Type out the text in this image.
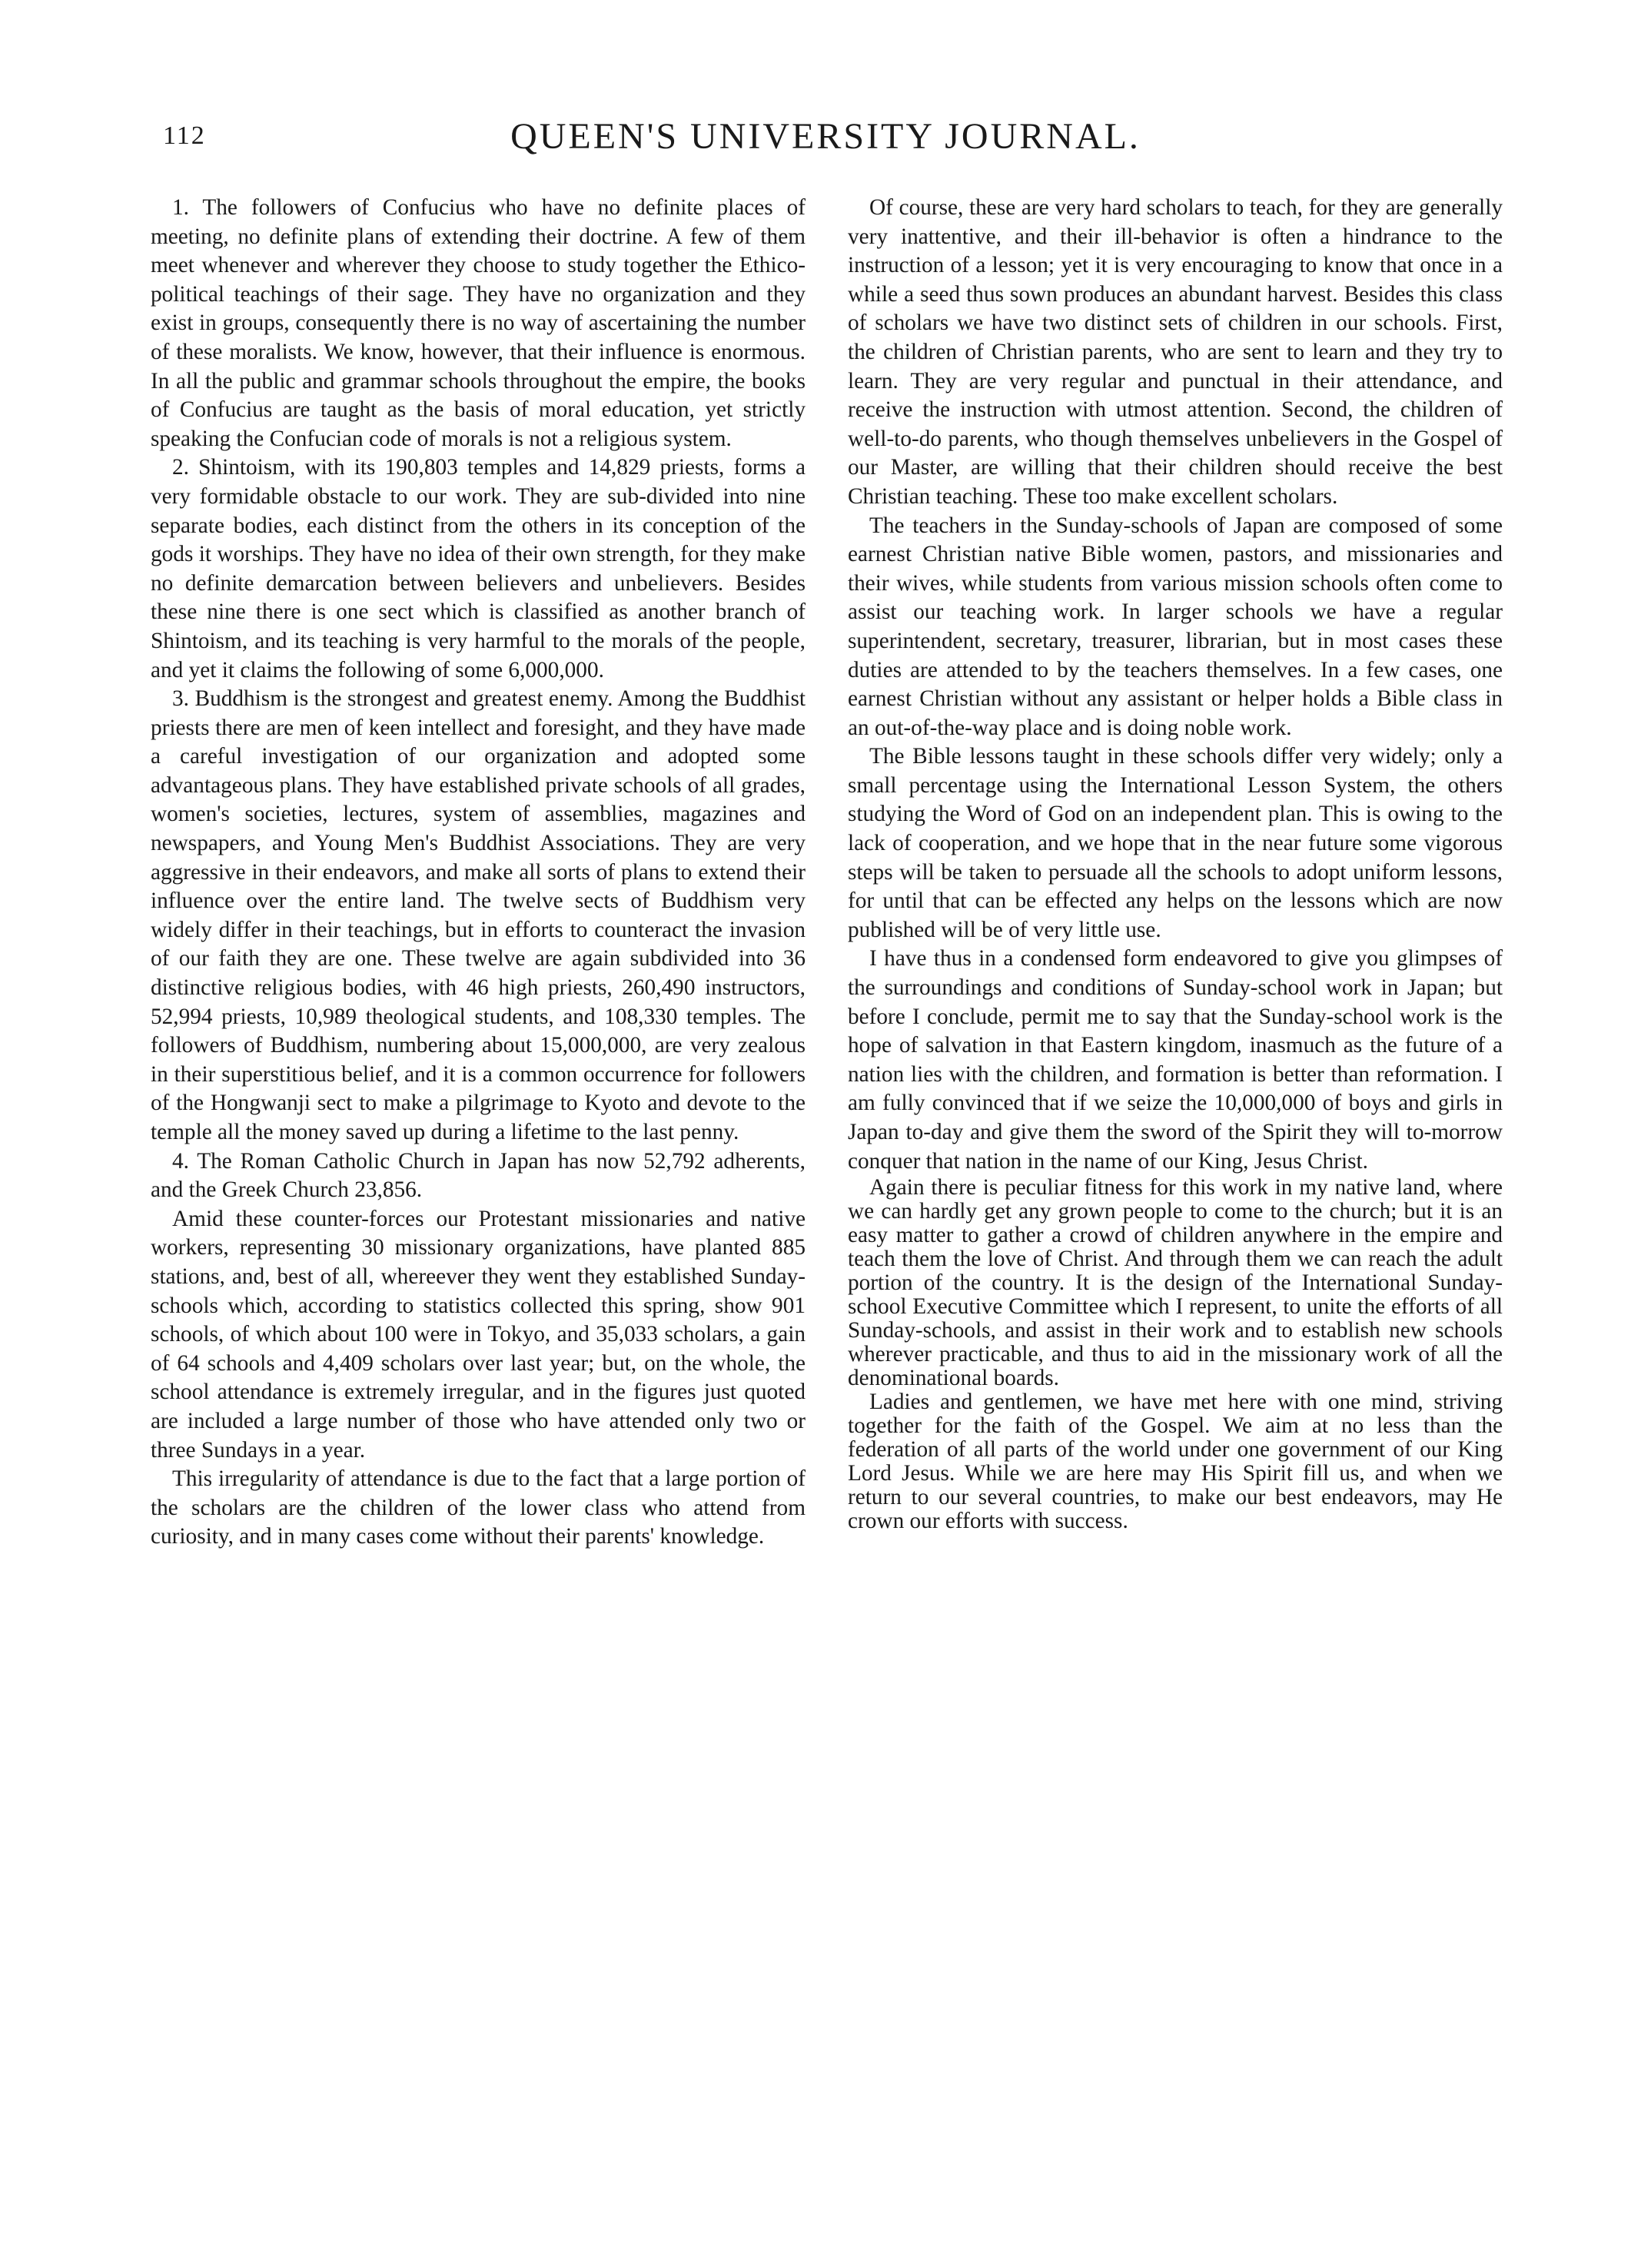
112	QUEEN'S UNIVERSITY JOURNAL.

1. The followers of Confucius who have no definite places of meeting, no definite plans of extending their doctrine. A few of them meet whenever and wherever they choose to study together the Ethico-political teachings of their sage. They have no organization and they exist in groups, consequently there is no way of ascertaining the number of these moralists. We know, however, that their influence is enormous. In all the public and grammar schools throughout the empire, the books of Confucius are taught as the basis of moral education, yet strictly speaking the Confucian code of morals is not a religious system.

2. Shintoism, with its 190,803 temples and 14,829 priests, forms a very formidable obstacle to our work. They are sub-divided into nine separate bodies, each distinct from the others in its conception of the gods it worships. They have no idea of their own strength, for they make no definite demarcation between believers and unbelievers. Besides these nine there is one sect which is classified as another branch of Shintoism, and its teaching is very harmful to the morals of the people, and yet it claims the following of some 6,000,000.

3. Buddhism is the strongest and greatest enemy. Among the Buddhist priests there are men of keen intellect and foresight, and they have made a careful investigation of our organization and adopted some advantageous plans. They have established private schools of all grades, women's societies, lectures, system of assemblies, magazines and newspapers, and Young Men's Buddhist Associations. They are very aggressive in their endeavors, and make all sorts of plans to extend their influence over the entire land. The twelve sects of Buddhism very widely differ in their teachings, but in efforts to counteract the invasion of our faith they are one. These twelve are again subdivided into 36 distinctive religious bodies, with 46 high priests, 260,490 instructors, 52,994 priests, 10,989 theological students, and 108,330 temples. The followers of Buddhism, numbering about 15,000,000, are very zealous in their superstitious belief, and it is a common occurrence for followers of the Hongwanji sect to make a pilgrimage to Kyoto and devote to the temple all the money saved up during a lifetime to the last penny.

4. The Roman Catholic Church in Japan has now 52,792 adherents, and the Greek Church 23,856.

Amid these counter-forces our Protestant missionaries and native workers, representing 30 missionary organizations, have planted 885 stations, and, best of all, whereever they went they established Sunday-schools which, according to statistics collected this spring, show 901 schools, of which about 100 were in Tokyo, and 35,033 scholars, a gain of 64 schools and 4,409 scholars over last year; but, on the whole, the school attendance is extremely irregular, and in the figures just quoted are included a large number of those who have attended only two or three Sundays in a year.

This irregularity of attendance is due to the fact that a large portion of the scholars are the children of the lower class who attend from curiosity, and in many cases come without their parents' knowledge.

Of course, these are very hard scholars to teach, for they are generally very inattentive, and their ill-behavior is often a hindrance to the instruction of a lesson; yet it is very encouraging to know that once in a while a seed thus sown produces an abundant harvest. Besides this class of scholars we have two distinct sets of children in our schools. First, the children of Christian parents, who are sent to learn and they try to learn. They are very regular and punctual in their attendance, and receive the instruction with utmost attention. Second, the children of well-to-do parents, who though themselves unbelievers in the Gospel of our Master, are willing that their children should receive the best Christian teaching. These too make excellent scholars.

The teachers in the Sunday-schools of Japan are composed of some earnest Christian native Bible women, pastors, and missionaries and their wives, while students from various mission schools often come to assist our teaching work. In larger schools we have a regular superintendent, secretary, treasurer, librarian, but in most cases these duties are attended to by the teachers themselves. In a few cases, one earnest Christian without any assistant or helper holds a Bible class in an out-of-the-way place and is doing noble work.

The Bible lessons taught in these schools differ very widely; only a small percentage using the International Lesson System, the others studying the Word of God on an independent plan. This is owing to the lack of cooperation, and we hope that in the near future some vigorous steps will be taken to persuade all the schools to adopt uniform lessons, for until that can be effected any helps on the lessons which are now published will be of very little use.

I have thus in a condensed form endeavored to give you glimpses of the surroundings and conditions of Sunday-school work in Japan; but before I conclude, permit me to say that the Sunday-school work is the hope of salvation in that Eastern kingdom, inasmuch as the future of a nation lies with the children, and formation is better than reformation. I am fully convinced that if we seize the 10,000,000 of boys and girls in Japan to-day and give them the sword of the Spirit they will to-morrow conquer that nation in the name of our King, Jesus Christ.

Again there is peculiar fitness for this work in my native land, where we can hardly get any grown people to come to the church; but it is an easy matter to gather a crowd of children anywhere in the empire and teach them the love of Christ. And through them we can reach the adult portion of the country. It is the design of the International Sunday-school Executive Committee which I represent, to unite the efforts of all Sunday-schools, and assist in their work and to establish new schools wherever practicable, and thus to aid in the missionary work of all the denominational boards.

Ladies and gentlemen, we have met here with one mind, striving together for the faith of the Gospel. We aim at no less than the federation of all parts of the world under one government of our King Lord Jesus. While we are here may His Spirit fill us, and when we return to our several countries, to make our best endeavors, may He crown our efforts with success.
